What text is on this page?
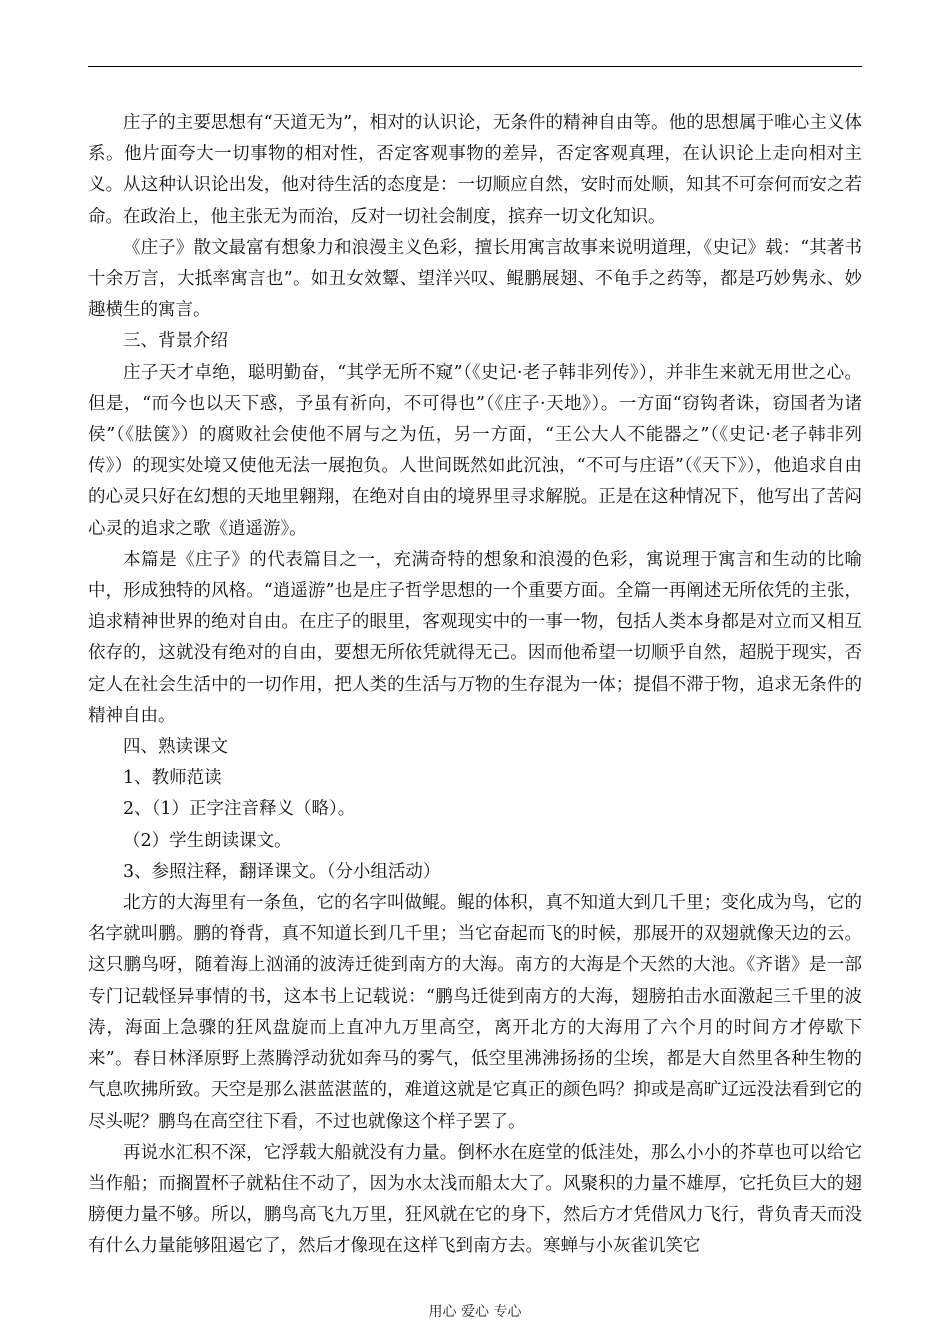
庄子的主要思想有“天道无为”，相对的认识论，无条件的精神自由等。他的思想属于唯心主义体系。他片面夸大一切事物的相对性，否定客观事物的差异，否定客观真理，在认识论上走向相对主义。从这种认识论出发，他对待生活的态度是：一切顺应自然，安时而处顺，知其不可奈何而安之若命。在政治上，他主张无为而治，反对一切社会制度，摈弃一切文化知识。

《庄子》散文最富有想象力和浪漫主义色彩，擅长用寓言故事来说明道理，《史记》载：“其著书十余万言，大抵率寓言也”。如丑女效颦、望洋兴叹、鲲鹏展翅、不龟手之药等，都是巧妙隽永、妙趣横生的寓言。

三、背景介绍

庄子天才卓绝，聪明勤奋，“其学无所不窥”（《史记·老子韩非列传》），并非生来就无用世之心。但是，“而今也以天下惑，予虽有祈向，不可得也”（《庄子·天地》）。一方面“窃钩者诛，窃国者为诸侯”（《胠箧》）的腐败社会使他不屑与之为伍，另一方面，“王公大人不能器之”（《史记·老子韩非列传》）的现实处境又使他无法一展抱负。人世间既然如此沉浊，“不可与庄语”（《天下》），他追求自由的心灵只好在幻想的天地里翱翔，在绝对自由的境界里寻求解脱。正是在这种情况下，他写出了苦闷心灵的追求之歌《逍遥游》。

本篇是《庄子》的代表篇目之一，充满奇特的想象和浪漫的色彩，寓说理于寓言和生动的比喻中，形成独特的风格。“逍遥游”也是庄子哲学思想的一个重要方面。全篇一再阐述无所依凭的主张，追求精神世界的绝对自由。在庄子的眼里，客观现实中的一事一物，包括人类本身都是对立而又相互依存的，这就没有绝对的自由，要想无所依凭就得无己。因而他希望一切顺乎自然，超脱于现实，否定人在社会生活中的一切作用，把人类的生活与万物的生存混为一体；提倡不滞于物，追求无条件的精神自由。

四、熟读课文

1、教师范读

2、（1）正字注音释义（略）。

（2）学生朗读课文。

3、参照注释，翻译课文。（分小组活动）

北方的大海里有一条鱼，它的名字叫做鲲。鲲的体积，真不知道大到几千里；变化成为鸟，它的名字就叫鹏。鹏的脊背，真不知道长到几千里；当它奋起而飞的时候，那展开的双翅就像天边的云。这只鹏鸟呀，随着海上汹涌的波涛迁徙到南方的大海。南方的大海是个天然的大池。《齐谐》是一部专门记载怪异事情的书，这本书上记载说：“鹏鸟迁徙到南方的大海，翅膀拍击水面激起三千里的波涛，海面上急骤的狂风盘旋而上直冲九万里高空，离开北方的大海用了六个月的时间方才停歇下来”。春日林泽原野上蒸腾浮动犹如奔马的雾气，低空里沸沸扬扬的尘埃，都是大自然里各种生物的气息吹拂所致。天空是那么湛蓝湛蓝的，难道这就是它真正的颜色吗？抑或是高旷辽远没法看到它的尽头呢？鹏鸟在高空往下看，不过也就像这个样子罢了。

再说水汇积不深，它浮载大船就没有力量。倒杯水在庭堂的低洼处，那么小小的芥草也可以给它当作船；而搁置杯子就粘住不动了，因为水太浅而船太大了。风聚积的力量不雄厚，它托负巨大的翅膀便力量不够。所以，鹏鸟高飞九万里，狂风就在它的身下，然后方才凭借风力飞行，背负青天而没有什么力量能够阻遏它了，然后才像现在这样飞到南方去。寒蝉与小灰雀讥笑它

用心 爱心 专心
